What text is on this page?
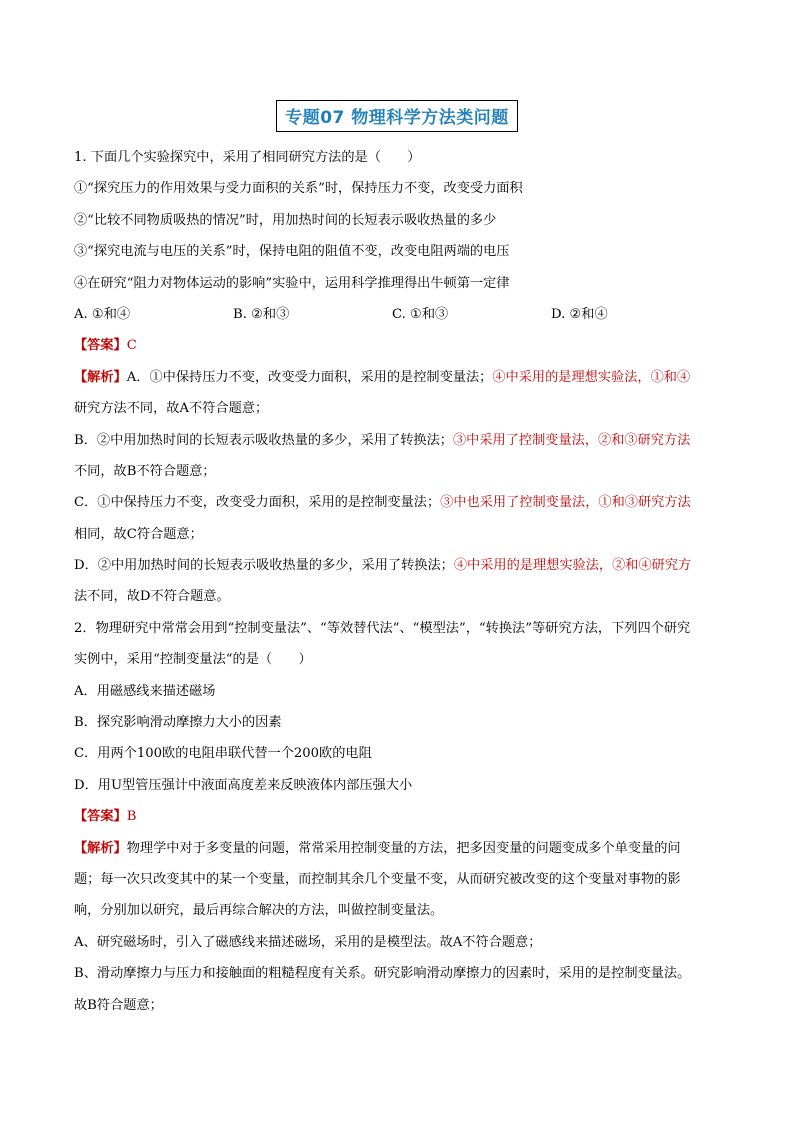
专题07 物理科学方法类问题
1. 下面几个实验探究中，采用了相同研究方法的是（　　）
①“探究压力的作用效果与受力面积的关系”时，保持压力不变，改变受力面积
②“比较不同物质吸热的情况”时，用加热时间的长短表示吸收热量的多少
③“探究电流与电压的关系”时，保持电阻的阻值不变，改变电阻两端的电压
④在研究“阻力对物体运动的影响”实验中，运用科学推理得出牛顿第一定律
A. ①和④	B. ②和③	C. ①和③	D. ②和④
【答案】C
【解析】A．①中保持压力不变，改变受力面积，采用的是控制变量法；④中采用的是理想实验法，①和④
研究方法不同，故A不符合题意；
B．②中用加热时间的长短表示吸收热量的多少，采用了转换法；③中采用了控制变量法，②和③研究方法
不同，故B不符合题意；
C．①中保持压力不变，改变受力面积，采用的是控制变量法；③中也采用了控制变量法，①和③研究方法
相同，故C符合题意；
D．②中用加热时间的长短表示吸收热量的多少，采用了转换法；④中采用的是理想实验法，②和④研究方
法不同，故D不符合题意。
2．物理研究中常常会用到“控制变量法”、“等效替代法”、“模型法”，“转换法”等研究方法，下列四个研究
实例中，采用“控制变量法“的是（　　）
A．用磁感线来描述磁场
B．探究影响滑动摩擦力大小的因素
C．用两个100欧的电阻串联代替一个200欧的电阻
D．用U型管压强计中液面高度差来反映液体内部压强大小
【答案】B
【解析】物理学中对于多变量的问题，常常采用控制变量的方法，把多因变量的问题变成多个单变量的问
题；每一次只改变其中的某一个变量，而控制其余几个变量不变，从而研究被改变的这个变量对事物的影
响，分别加以研究，最后再综合解决的方法，叫做控制变量法。
A、研究磁场时，引入了磁感线来描述磁场，采用的是模型法。故A不符合题意；
B、滑动摩擦力与压力和接触面的粗糙程度有关系。研究影响滑动摩擦力的因素时，采用的是控制变量法。
故B符合题意；
